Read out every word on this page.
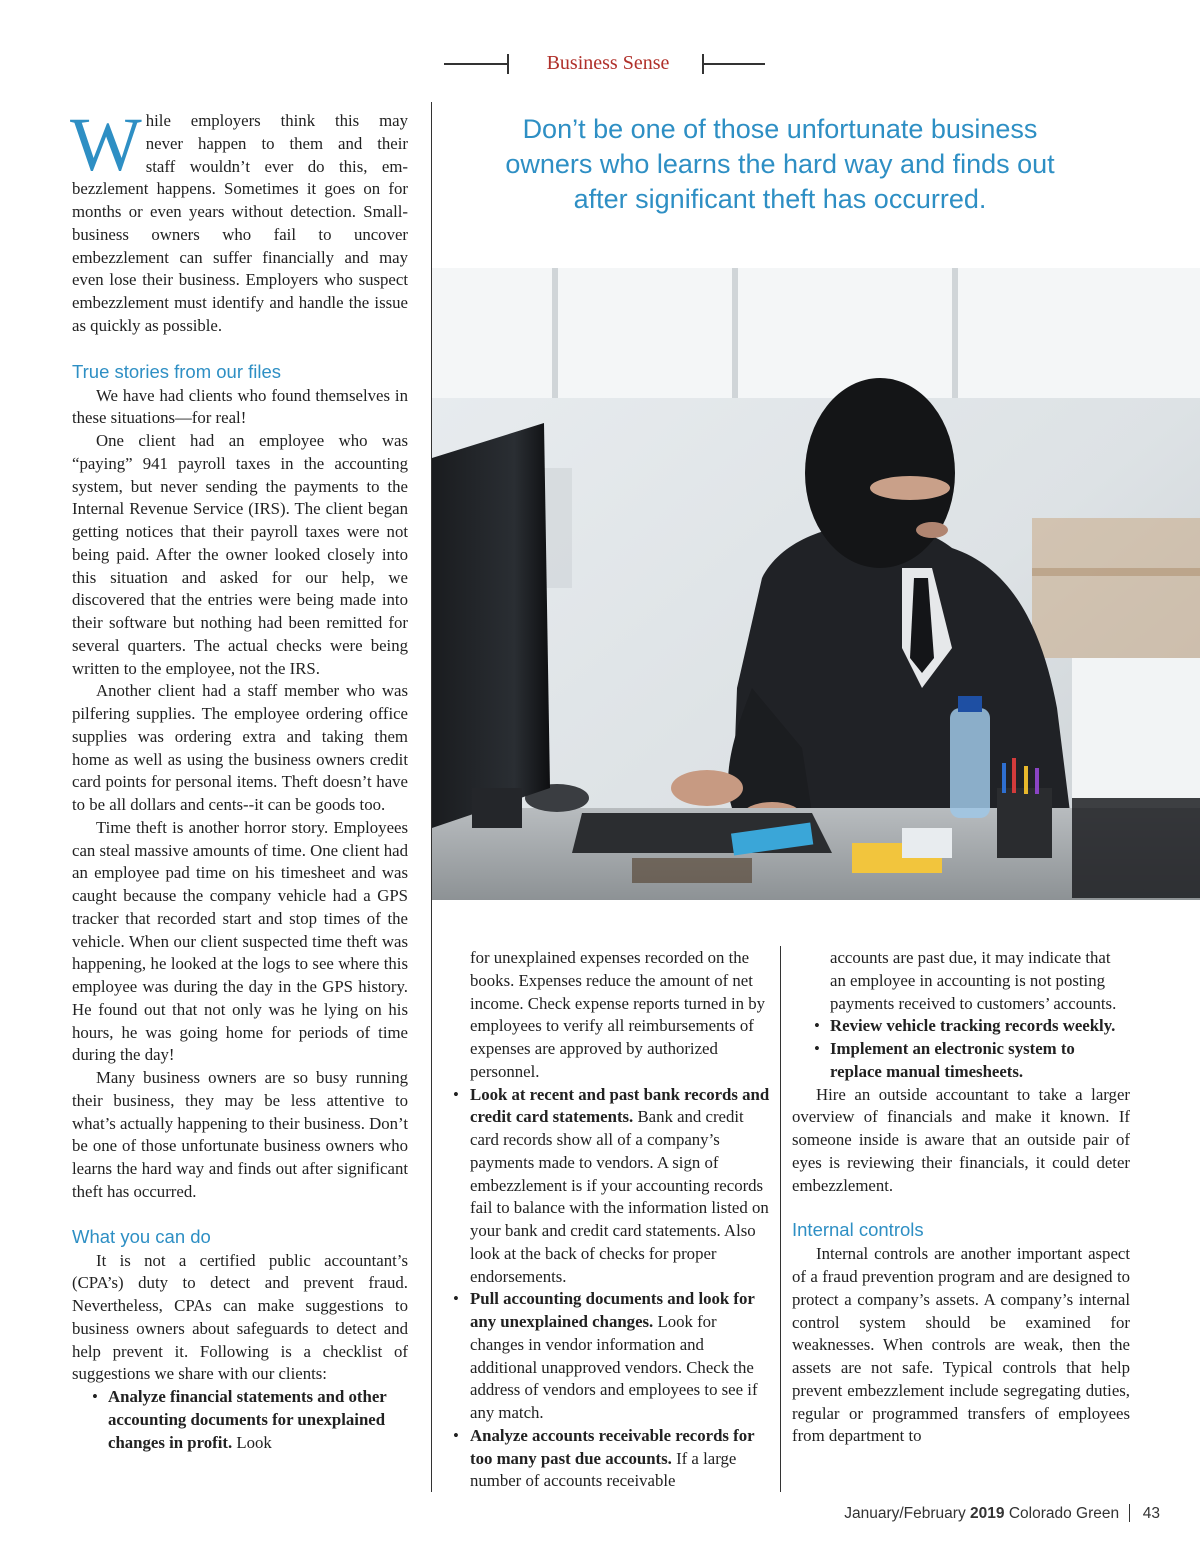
Business Sense
Don’t be one of those unfortunate business
owners who learns the hard way and finds out
after significant theft has occurred.
W hile employers think this may
never happen to them and their
staff wouldn’t ever do this, em-
bezzlement happens. Sometimes it goes on for months or even years without detection. Small-business owners who fail to uncover embezzlement can suffer financially and may even lose their business. Employers who suspect embezzlement must identify and handle the issue as quickly as possible.
True stories from our files

We have had clients who found themselves in these situations—for real!

One client had an employee who was “paying” 941 payroll taxes in the accounting system, but never sending the payments to the Internal Revenue Service (IRS). The client began getting notices that their payroll taxes were not being paid. After the owner looked closely into this situation and asked for our help, we discovered that the entries were being made into their software but nothing had been remitted for several quarters. The actual checks were being written to the employee, not the IRS.

Another client had a staff member who was pilfering supplies. The employee ordering office supplies was ordering extra and taking them home as well as using the business owners credit card points for personal items. Theft doesn’t have to be all dollars and cents--it can be goods too.

Time theft is another horror story. Employees can steal massive amounts of time. One client had an employee pad time on his timesheet and was caught because the company vehicle had a GPS tracker that recorded start and stop times of the vehicle. When our client suspected time theft was happening, he looked at the logs to see where this employee was during the day in the GPS history. He found out that not only was he lying on his hours, he was going home for periods of time during the day!

Many business owners are so busy running their business, they may be less attentive to what’s actually happening to their business. Don’t be one of those unfortunate business owners who learns the hard way and finds out after significant theft has occurred.

What you can do

It is not a certified public accountant’s (CPA’s) duty to detect and prevent fraud. Nevertheless, CPAs can make suggestions to business owners about safeguards to detect and help prevent it. Following is a checklist of suggestions we share with our clients:

• Analyze financial statements and other accounting documents for unexplained changes in profit. Look

for unexplained expenses recorded on the books. Expenses reduce the amount of net income. Check expense reports turned in by employees to verify all reimbursements of expenses are approved by authorized personnel.

• Look at recent and past bank records and credit card statements. Bank and credit card records show all of a company’s payments made to vendors. A sign of embezzlement is if your accounting records fail to balance with the information listed on your bank and credit card statements. Also look at the back of checks for proper endorsements.
• Pull accounting documents and look for any unexplained changes. Look for changes in vendor information and additional unapproved vendors. Check the address of vendors and employees to see if any match.
• Analyze accounts receivable records for too many past due accounts. If a large number of accounts receivable

accounts are past due, it may indicate that an employee in accounting is not posting payments received to customers’ accounts.

• Review vehicle tracking records weekly.
• Implement an electronic system to replace manual timesheets.

Hire an outside accountant to take a larger overview of financials and make it known. If someone inside is aware that an outside pair of eyes is reviewing their financials, it could deter embezzlement.

Internal controls

Internal controls are another important aspect of a fraud prevention program and are designed to protect a company’s assets. A company’s internal control system should be examined for weaknesses. When controls are weak, then the assets are not safe. Typical controls that help prevent embezzlement include segregating duties, regular or programmed transfers of employees from department to

January/February 2019 Colorado Green 43
